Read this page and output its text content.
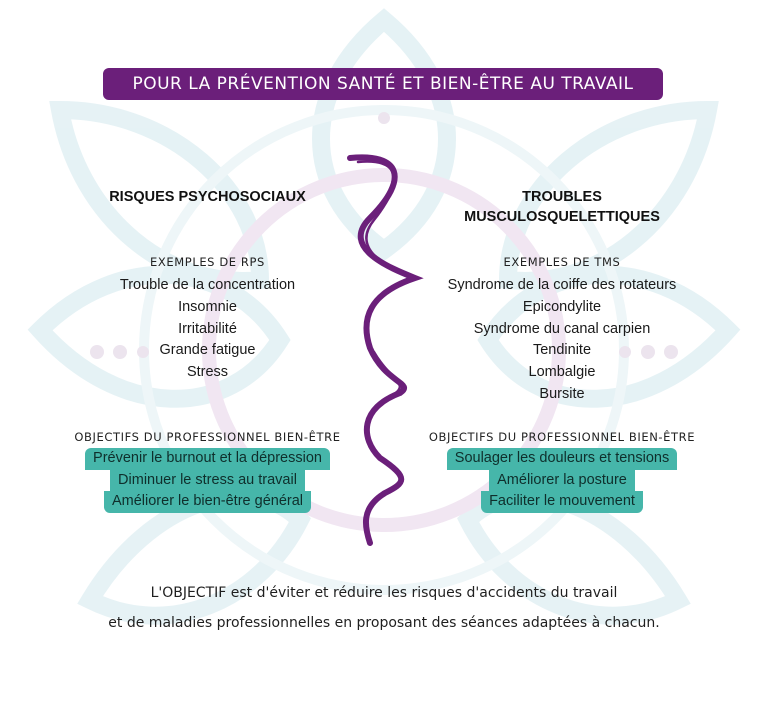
POUR LA PRÉVENTION SANTÉ ET BIEN-ÊTRE AU TRAVAIL
RISQUES PSYCHOSOCIAUX
EXEMPLES DE RPS
Trouble de la concentration
Insomnie
Irritabilité
Grande fatigue
Stress
OBJECTIFS DU PROFESSIONNEL BIEN-ÊTRE
Prévenir le burnout et la dépression
Diminuer le stress au travail
Améliorer le bien-être général
TROUBLES
MUSCULOSQUELETTIQUES
EXEMPLES DE TMS
Syndrome de la coiffe des rotateurs
Epicondylite
Syndrome du canal carpien
Tendinite
Lombalgie
Bursite
OBJECTIFS DU PROFESSIONNEL BIEN-ÊTRE
Soulager les douleurs et tensions
Améliorer la posture
Faciliter le mouvement
L'OBJECTIF est d'éviter et réduire les risques d'accidents du travail
et de maladies professionnelles en proposant des séances adaptées à chacun.
